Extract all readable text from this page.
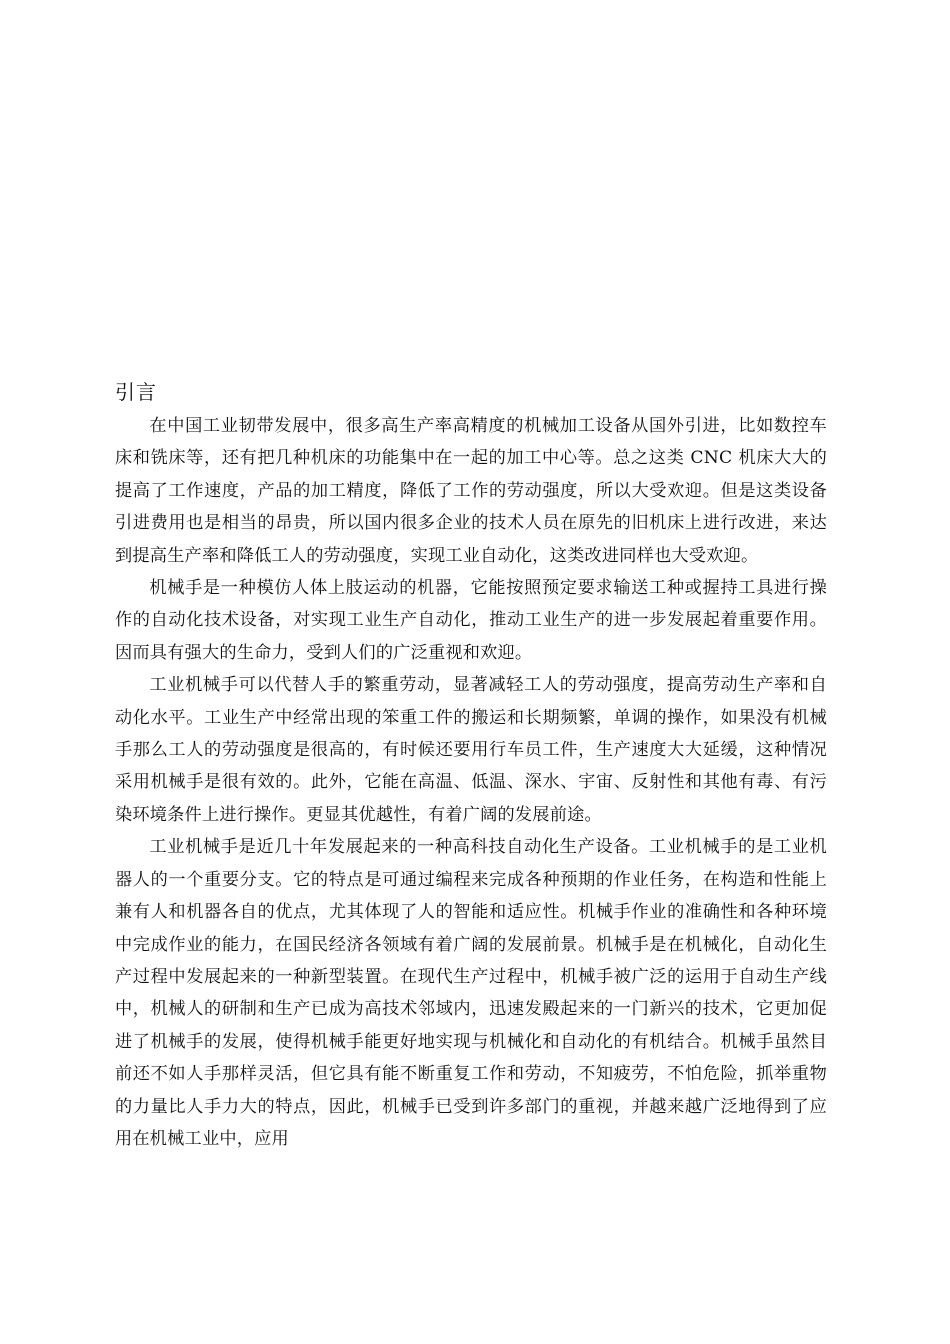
引言

在中国工业韧带发展中，很多高生产率高精度的机械加工设备从国外引进，比如数控车床和铣床等，还有把几种机床的功能集中在一起的加工中心等。总之这类 CNC 机床大大的提高了工作速度，产品的加工精度，降低了工作的劳动强度，所以大受欢迎。但是这类设备引进费用也是相当的昂贵，所以国内很多企业的技术人员在原先的旧机床上进行改进，来达到提高生产率和降低工人的劳动强度，实现工业自动化，这类改进同样也大受欢迎。

机械手是一种模仿人体上肢运动的机器，它能按照预定要求输送工种或握持工具进行操作的自动化技术设备，对实现工业生产自动化，推动工业生产的进一步发展起着重要作用。因而具有强大的生命力，受到人们的广泛重视和欢迎。

工业机械手可以代替人手的繁重劳动，显著减轻工人的劳动强度，提高劳动生产率和自动化水平。工业生产中经常出现的笨重工件的搬运和长期频繁，单调的操作，如果没有机械手那么工人的劳动强度是很高的，有时候还要用行车员工件，生产速度大大延缓，这种情况采用机械手是很有效的。此外，它能在高温、低温、深水、宇宙、反射性和其他有毒、有污染环境条件上进行操作。更显其优越性，有着广阔的发展前途。

工业机械手是近几十年发展起来的一种高科技自动化生产设备。工业机械手的是工业机器人的一个重要分支。它的特点是可通过编程来完成各种预期的作业任务，在构造和性能上兼有人和机器各自的优点，尤其体现了人的智能和适应性。机械手作业的准确性和各种环境中完成作业的能力，在国民经济各领域有着广阔的发展前景。机械手是在机械化，自动化生产过程中发展起来的一种新型装置。在现代生产过程中，机械手被广泛的运用于自动生产线中，机械人的研制和生产已成为高技术邻域内，迅速发殿起来的一门新兴的技术，它更加促进了机械手的发展，使得机械手能更好地实现与机械化和自动化的有机结合。机械手虽然目前还不如人手那样灵活，但它具有能不断重复工作和劳动，不知疲劳，不怕危险，抓举重物的力量比人手力大的特点，因此，机械手已受到许多部门的重视，并越来越广泛地得到了应用在机械工业中，应用
